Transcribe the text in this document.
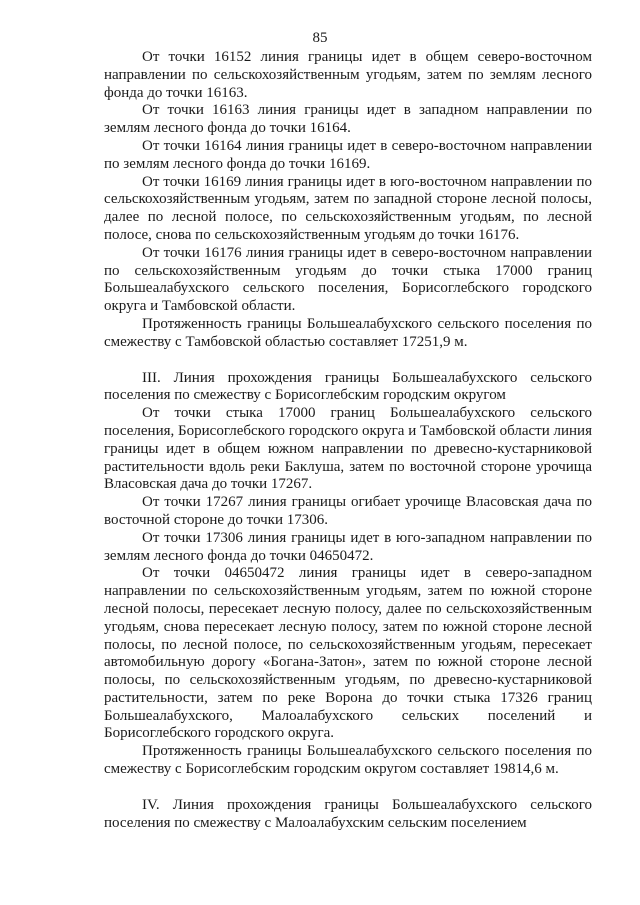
85

От точки 16152 линия границы идет в общем северо-восточном направлении по сельскохозяйственным угодьям, затем по землям лесного фонда до точки 16163.

От точки 16163 линия границы идет в западном направлении по землям лесного фонда до точки 16164.

От точки 16164 линия границы идет в северо-восточном направлении по землям лесного фонда до точки 16169.

От точки 16169 линия границы идет в юго-восточном направлении по сельскохозяйственным угодьям, затем по западной стороне лесной полосы, далее по лесной полосе, по сельскохозяйственным угодьям, по лесной полосе, снова по сельскохозяйственным угодьям до точки 16176.

От точки 16176 линия границы идет в северо-восточном направлении по сельскохозяйственным угодьям до точки стыка 17000 границ Большеалабухского сельского поселения, Борисоглебского городского округа и Тамбовской области.

Протяженность границы Большеалабухского сельского поселения по смежеству с Тамбовской областью составляет 17251,9 м.

III. Линия прохождения границы Большеалабухского сельского поселения по смежеству с Борисоглебским городским округом

От точки стыка 17000 границ Большеалабухского сельского поселения, Борисоглебского городского округа и Тамбовской области линия границы идет в общем южном направлении по древесно-кустарниковой растительности вдоль реки Баклуша, затем по восточной стороне урочища Власовская дача до точки 17267.

От точки 17267 линия границы огибает урочище Власовская дача по восточной стороне до точки 17306.

От точки 17306 линия границы идет в юго-западном направлении по землям лесного фонда до точки 04650472.

От точки 04650472 линия границы идет в северо-западном направлении по сельскохозяйственным угодьям, затем по южной стороне лесной полосы, пересекает лесную полосу, далее по сельскохозяйственным угодьям, снова пересекает лесную полосу, затем по южной стороне лесной полосы, по лесной полосе, по сельскохозяйственным угодьям, пересекает автомобильную дорогу «Богана-Затон», затем по южной стороне лесной полосы, по сельскохозяйственным угодьям, по древесно-кустарниковой растительности, затем по реке Ворона до точки стыка 17326 границ Большеалабухского, Малоалабухского сельских поселений и Борисоглебского городского округа.

Протяженность границы Большеалабухского сельского поселения по смежеству с Борисоглебским городским округом составляет 19814,6 м.

IV. Линия прохождения границы Большеалабухского сельского поселения по смежеству с Малоалабухским сельским поселением
